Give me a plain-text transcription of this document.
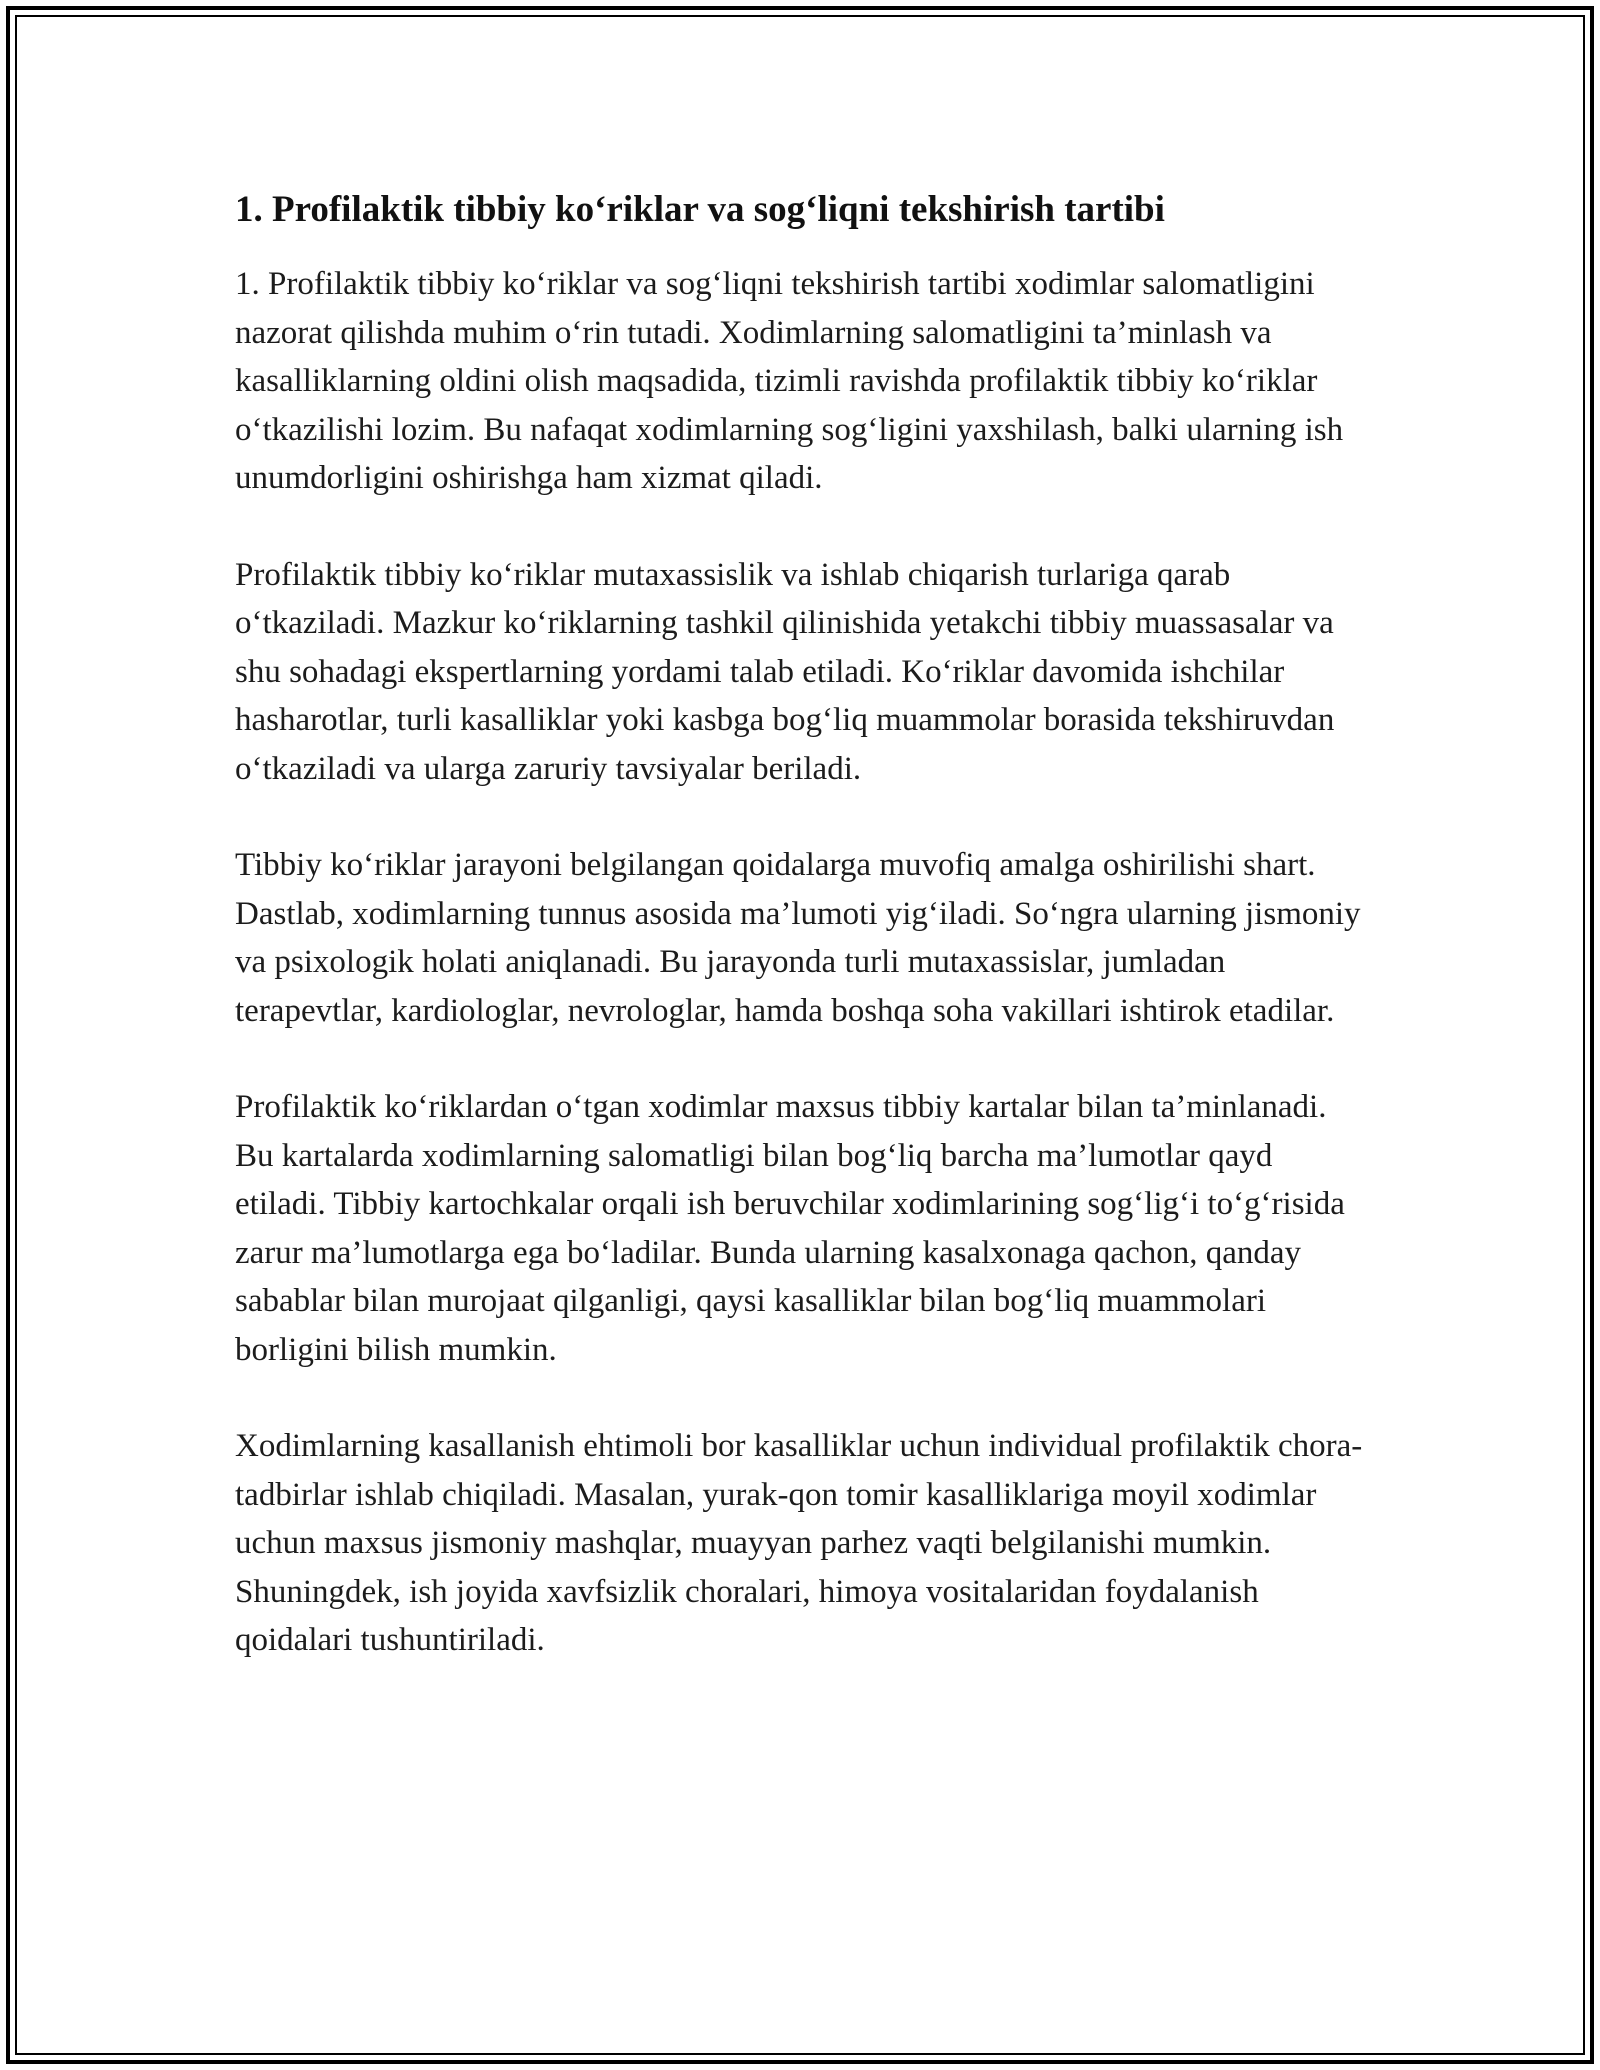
1. Profilaktik tibbiy ko‘riklar va sog‘liqni tekshirish tartibi

1. Profilaktik tibbiy ko‘riklar va sog‘liqni tekshirish tartibi xodimlar salomatligini nazorat qilishda muhim o‘rin tutadi. Xodimlarning salomatligini ta’minlash va kasalliklarning oldini olish maqsadida, tizimli ravishda profilaktik tibbiy ko‘riklar o‘tkazilishi lozim. Bu nafaqat xodimlarning sog‘ligini yaxshilash, balki ularning ish unumdorligini oshirishga ham xizmat qiladi.

Profilaktik tibbiy ko‘riklar mutaxassislik va ishlab chiqarish turlariga qarab o‘tkaziladi. Mazkur ko‘riklarning tashkil qilinishida yetakchi tibbiy muassasalar va shu sohadagi ekspertlarning yordami talab etiladi. Ko‘riklar davomida ishchilar hasharotlar, turli kasalliklar yoki kasbga bog‘liq muammolar borasida tekshiruvdan o‘tkaziladi va ularga zaruriy tavsiyalar beriladi.

Tibbiy ko‘riklar jarayoni belgilangan qoidalarga muvofiq amalga oshirilishi shart. Dastlab, xodimlarning tunnus asosida ma’lumoti yig‘iladi. So‘ngra ularning jismoniy va psixologik holati aniqlanadi. Bu jarayonda turli mutaxassislar, jumladan terapevtlar, kardiologlar, nevrologlar, hamda boshqa soha vakillari ishtirok etadilar.

Profilaktik ko‘riklardan o‘tgan xodimlar maxsus tibbiy kartalar bilan ta’minlanadi. Bu kartalarda xodimlarning salomatligi bilan bog‘liq barcha ma’lumotlar qayd etiladi. Tibbiy kartochkalar orqali ish beruvchilar xodimlarining sog‘lig‘i to‘g‘risida zarur ma’lumotlarga ega bo‘ladilar. Bunda ularning kasalxonaga qachon, qanday sabablar bilan murojaat qilganligi, qaysi kasalliklar bilan bog‘liq muammolari borligini bilish mumkin.

Xodimlarning kasallanish ehtimoli bor kasalliklar uchun individual profilaktik chora-tadbirlar ishlab chiqiladi. Masalan, yurak-qon tomir kasalliklariga moyil xodimlar uchun maxsus jismoniy mashqlar, muayyan parhez vaqti belgilanishi mumkin. Shuningdek, ish joyida xavfsizlik choralari, himoya vositalaridan foydalanish qoidalari tushuntiriladi.
